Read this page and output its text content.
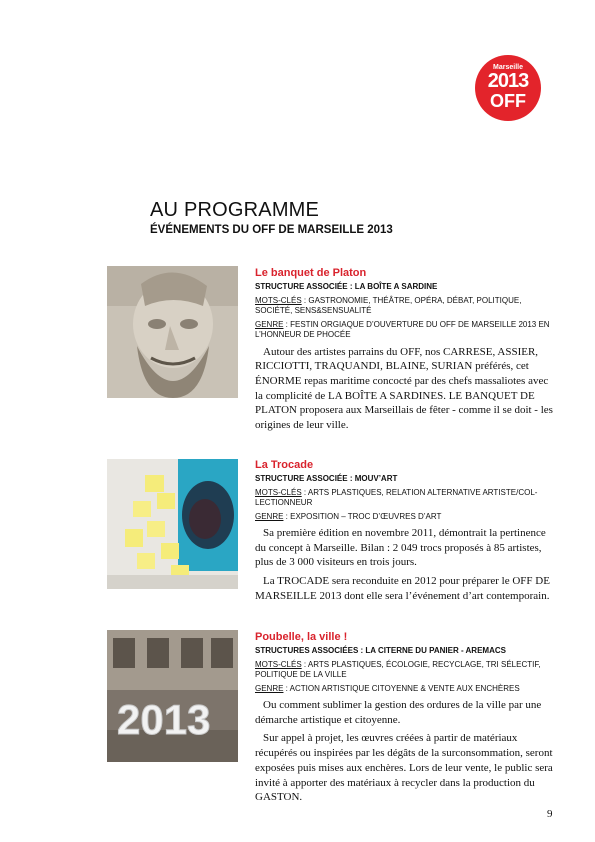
Marseille
2013
OFF
AU PROGRAMME
ÉVÉNEMENTS DU OFF DE MARSEILLE 2013
Le banquet de Platon
STRUCTURE ASSOCIÉE : LA BOÎTE A SARDINE
MOTS-CLÉS : GASTRONOMIE, THÉÂTRE, OPÉRA, DÉBAT, POLITIQUE, SOCIÉTÉ, SENS&SENSUALITÉ
GENRE : FESTIN ORGIAQUE D’OUVERTURE DU OFF DE MARSEILLE 2013 EN L’HONNEUR DE PHOCÉE

Autour des artistes parrains du OFF, nos CARRESE, ASSIER, RICCIOTTI, TRAQUANDI, BLAINE, SURIAN préférés, cet ÉNORME repas maritime concocté par des chefs massaliotes avec la complicité de LA BOÎTE A SARDINES. LE BANQUET DE PLATON proposera aux Marseillais de fêter - comme il se doit - les origines de leur ville.

La Trocade
STRUCTURE ASSOCIÉE : MOUV’ART
MOTS-CLÉS : ARTS PLASTIQUES, RELATION ALTERNATIVE ARTISTE/COL-LECTIONNEUR
GENRE : EXPOSITION – TROC D’ŒUVRES D’ART

Sa première édition en novembre 2011, démontrait la pertinence du concept à Marseille. Bilan : 2 049 trocs proposés à 85 artistes, plus de 3 000 visiteurs en trois jours.

La TROCADE sera reconduite en 2012 pour préparer le OFF DE MARSEILLE 2013 dont elle sera l’événement d’art contemporain.

2013
Poubelle, la ville !
STRUCTURES ASSOCIÉES : LA CITERNE DU PANIER - AREMACS
MOTS-CLÉS : ARTS PLASTIQUES, ÉCOLOGIE, RECYCLAGE, TRI SÉLECTIF, POLITIQUE DE LA VILLE
GENRE : ACTION ARTISTIQUE CITOYENNE & VENTE AUX ENCHÈRES

Ou comment sublimer la gestion des ordures de la ville par une démarche artistique et citoyenne.

Sur appel à projet, les œuvres créées à partir de matériaux récupérés ou inspirées par les dégâts de la surconsommation, seront exposées puis mises aux enchères. Lors de leur vente, le public sera invité à apporter des matériaux à recycler dans la production du GASTON.

9
